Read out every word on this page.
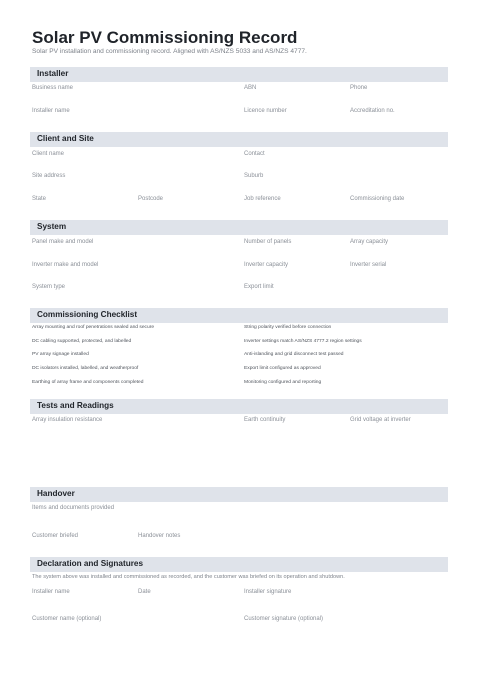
Solar PV Commissioning Record
Solar PV installation and commissioning record. Aligned with AS/NZS 5033 and AS/NZS 4777.
Installer
Business name	ABN	Phone
Installer name	Licence number	Accreditation no.
Client and Site
Client name	Contact
Site address	Suburb
State	Postcode	Job reference	Commissioning date
System
Panel make and model	Number of panels	Array capacity
Inverter make and model	Inverter capacity	Inverter serial
System type	Export limit
Commissioning Checklist
Array mounting and roof penetrations sealed and secure	String polarity verified before connection
DC cabling supported, protected, and labelled	Inverter settings match AS/NZS 4777.2 region settings
PV array signage installed	Anti-islanding and grid disconnect test passed
DC isolators installed, labelled, and weatherproof	Export limit configured as approved
Earthing of array frame and components completed	Monitoring configured and reporting
Tests and Readings
Array insulation resistance	Earth continuity	Grid voltage at inverter
Handover
Items and documents provided
Customer briefed	Handover notes
Declaration and Signatures
The system above was installed and commissioned as recorded, and the customer was briefed on its operation and shutdown.
Installer name	Date	Installer signature
Customer name (optional)	Customer signature (optional)
